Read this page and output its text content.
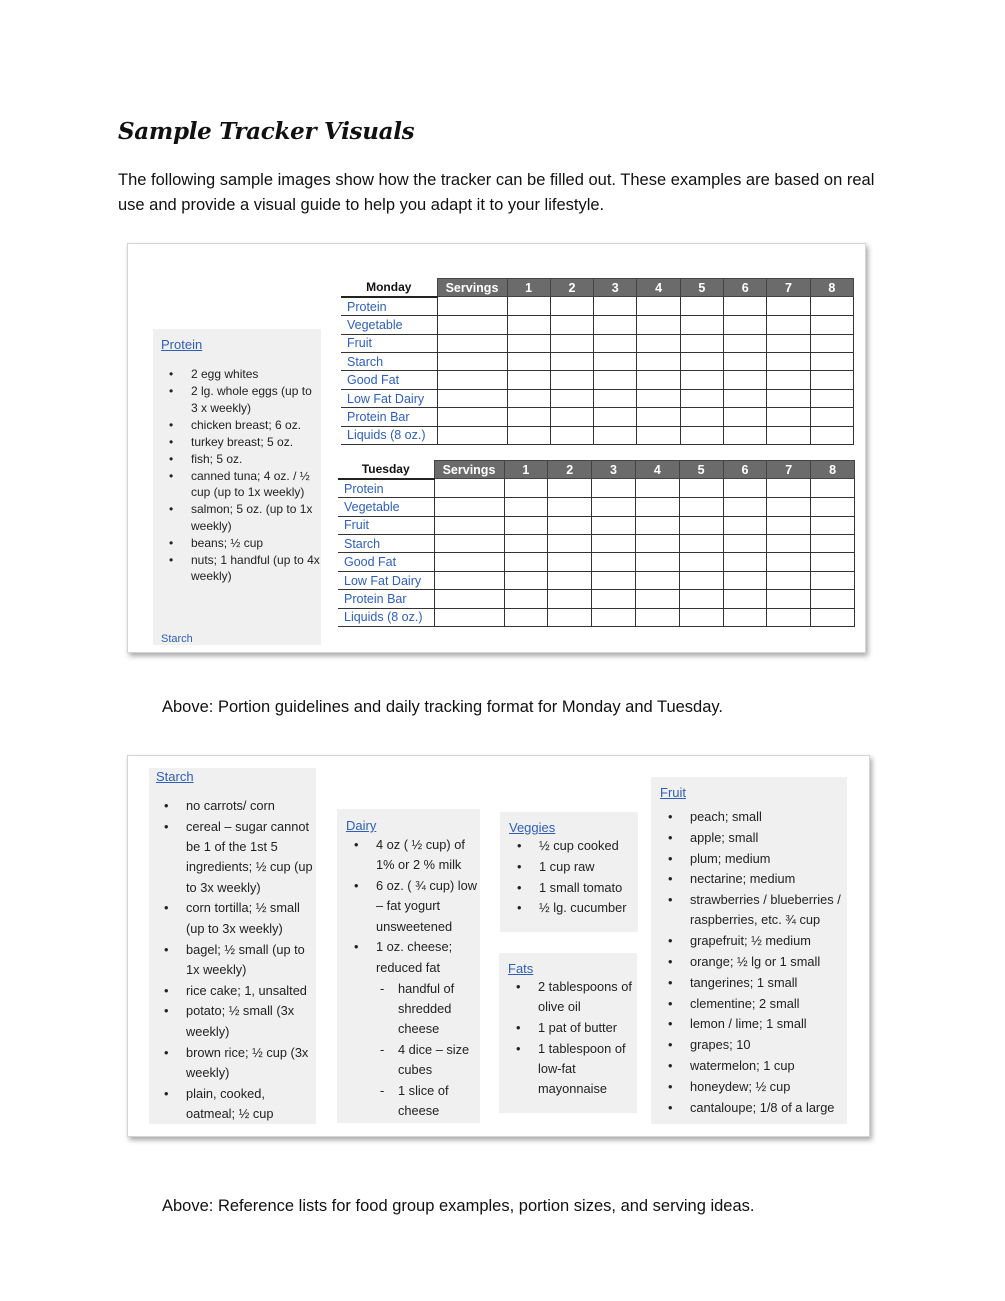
Sample Tracker Visuals
The following sample images show how the tracker can be filled out. These examples are based on real use and provide a visual guide to help you adapt it to your lifestyle.
Protein
• 2 egg whites
• 2 lg. whole eggs (up to 3 x weekly)
• chicken breast; 6 oz.
• turkey breast; 5 oz.
• fish; 5 oz.
• canned tuna; 4 oz. / ½ cup (up to 1x weekly)
• salmon; 5 oz. (up to 1x weekly)
• beans; ½ cup
• nuts; 1 handful (up to 4x weekly)
Starch
Monday	Servings	1	2	3	4	5	6	7	8
Protein									
Vegetable									
Fruit									
Starch									
Good Fat									
Low Fat Dairy									
Protein Bar									
Liquids (8 oz.)									
Tuesday	Servings	1	2	3	4	5	6	7	8
Protein									
Vegetable									
Fruit									
Starch									
Good Fat									
Low Fat Dairy									
Protein Bar									
Liquids (8 oz.)									
Above: Portion guidelines and daily tracking format for Monday and Tuesday.
Starch
• no carrots/ corn
• cereal – sugar cannot be 1 of the 1st 5 ingredients; ½ cup (up to 3x weekly)
• corn tortilla; ½ small (up to 3x weekly)
• bagel; ½ small (up to 1x weekly)
• rice cake; 1, unsalted
• potato; ½ small (3x weekly)
• brown rice; ½ cup (3x weekly)
• plain, cooked, oatmeal; ½ cup
Dairy
• 4 oz ( ½ cup) of 1% or 2 % milk
• 6 oz. ( ¾ cup) low – fat yogurt unsweetened
• 1 oz. cheese; reduced fat
- handful of shredded cheese
- 4 dice – size cubes
- 1 slice of cheese
Veggies
• ½ cup cooked
• 1 cup raw
• 1 small tomato
• ½ lg. cucumber
Fats
• 2 tablespoons of olive oil
• 1 pat of butter
• 1 tablespoon of low-fat mayonnaise
Fruit
• peach; small
• apple; small
• plum; medium
• nectarine; medium
• strawberries / blueberries / raspberries, etc. ¾ cup
• grapefruit; ½ medium
• orange; ½ lg or 1 small
• tangerines; 1 small
• clementine; 2 small
• lemon / lime; 1 small
• grapes; 10
• watermelon; 1 cup
• honeydew; ½ cup
• cantaloupe; 1/8 of a large
Above: Reference lists for food group examples, portion sizes, and serving ideas.
